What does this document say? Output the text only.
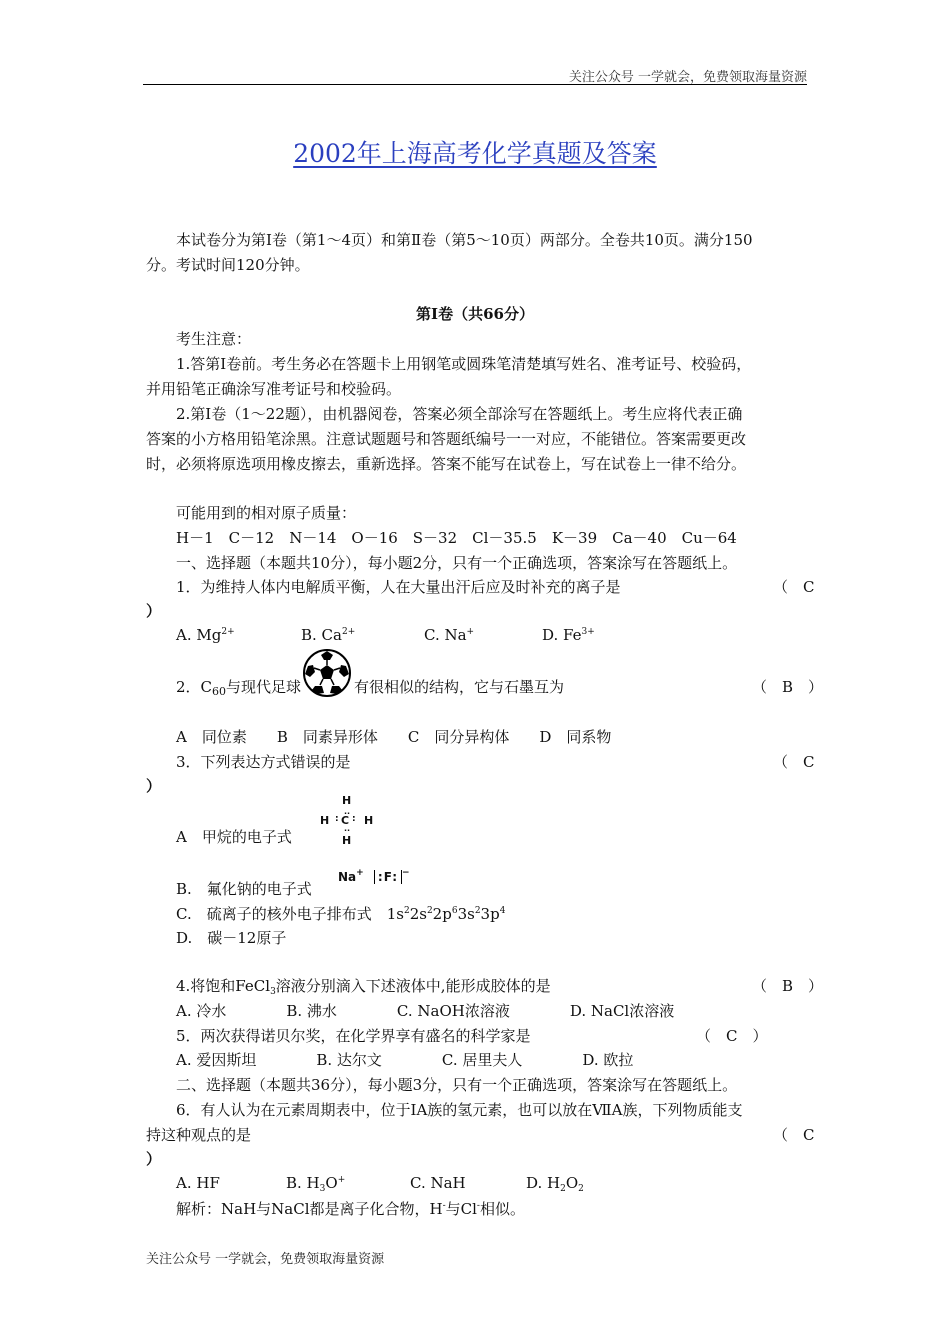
关注公众号 一学就会，免费领取海量资源
2002年上海高考化学真题及答案
本试卷分为第Ⅰ卷（第1～4页）和第Ⅱ卷（第5～10页）两部分。全卷共10页。满分150
分。考试时间120分钟。
第Ⅰ卷（共66分）
考生注意：
1.答第Ⅰ卷前。考生务必在答题卡上用钢笔或圆珠笔清楚填写姓名、准考证号、校验码，
并用铅笔正确涂写准考证号和校验码。
2.第Ⅰ卷（1～22题），由机器阅卷，答案必须全部涂写在答题纸上。考生应将代表正确
答案的小方格用铅笔涂黑。注意试题题号和答题纸编号一一对应，不能错位。答案需要更改
时，必须将原选项用橡皮擦去，重新选择。答案不能写在试卷上，写在试卷上一律不给分。
可能用到的相对原子质量：
H－1　C－12　N－14　O－16　S－32　Cl－35.5　K－39　Ca－40　Cu－64
一、选择题（本题共10分），每小题2分，只有一个正确选项，答案涂写在答题纸上。
1．为维持人体内电解质平衡，人在大量出汗后应及时补充的离子是	（　C
）
A. $Mg^{2+}$	B. $Ca^{2+}$	C. Na+	D. $Fe^{3+}$
2．$C_{60}$与现代足球	有很相似的结构，它与石墨互为	（　B　）
A　同位素　　B　同素异形体　　C　同分异构体　　D　同系物
3．下列表达方式错误的是	（　C
）
A　甲烷的电子式
H
H C H
H
: :
..
..
B.　氟化钠的电子式
Na+ :F: −
C.　硫离子的核外电子排布式　$1s^22s^22p^63s^23p^4$
D.　碳－12原子
4.将饱和FeCl$_3$溶液分别滴入下述液体中,能形成胶体的是	（　B　）
A. 冷水　　　　B. 沸水　　　　C. NaOH浓溶液　　　　D. NaCl浓溶液
5．两次获得诺贝尔奖，在化学界享有盛名的科学家是	（　C　）
A. 爱因斯坦　　　　B. 达尔文　　　　C. 居里夫人　　　　D. 欧拉
二、选择题（本题共36分），每小题3分，只有一个正确选项，答案涂写在答题纸上。
6．有人认为在元素周期表中，位于ⅠA族的氢元素，也可以放在ⅦA族，下列物质能支
持这种观点的是	（　C
）
A. HF	B. $H_3O^+$	C. NaH	D. $H_2O_2$
解析：NaH与NaCl都是离子化合物，H-与Cl-相似。
关注公众号 一学就会，免费领取海量资源
